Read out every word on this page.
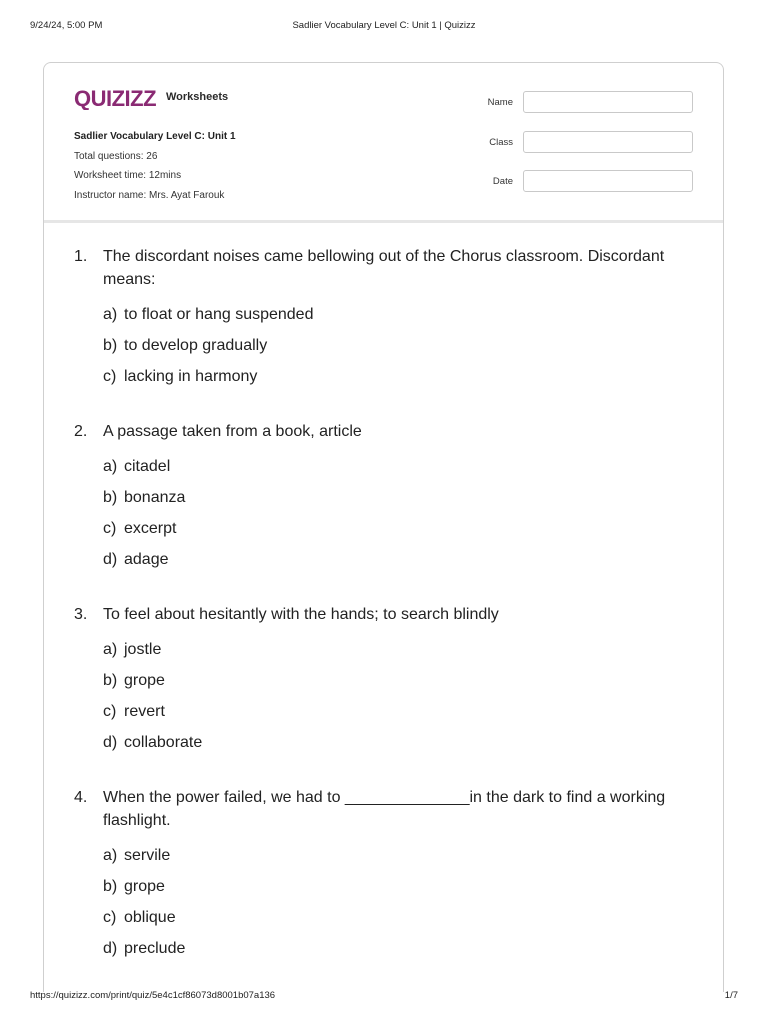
9/24/24, 5:00 PM	Sadlier Vocabulary Level C: Unit 1 | Quizizz
QUIZIZZ Worksheets
Sadlier Vocabulary Level C: Unit 1
Total questions: 26
Worksheet time: 12mins
Instructor name: Mrs. Ayat Farouk
Name
Class
Date
1. The discordant noises came bellowing out of the Chorus classroom. Discordant means:
a) to float or hang suspended
b) to develop gradually
c) lacking in harmony
2. A passage taken from a book, article
a) citadel
b) bonanza
c) excerpt
d) adage
3. To feel about hesitantly with the hands; to search blindly
a) jostle
b) grope
c) revert
d) collaborate
4. When the power failed, we had to ______________in the dark to find a working flashlight.
a) servile
b) grope
c) oblique
d) preclude
https://quizizz.com/print/quiz/5e4c1cf86073d8001b07a136	1/7
